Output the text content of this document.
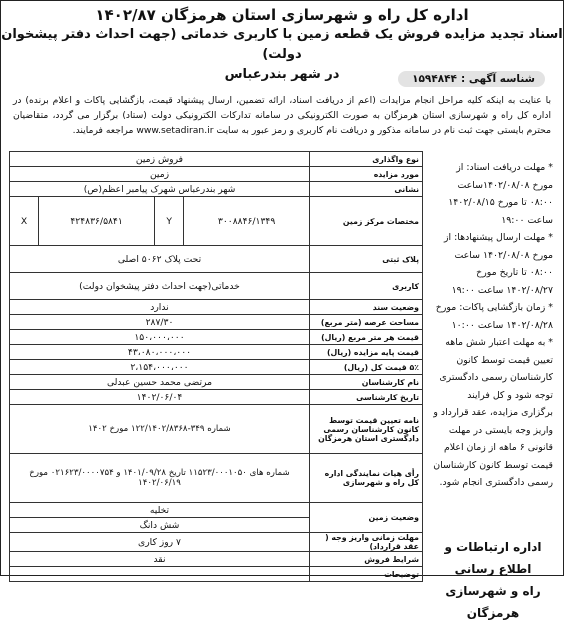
اداره کل راه و شهرسازی استان هرمزگان ۱۴۰۲/۸۷
اسناد تجدید مزایده فروش یک قطعه زمین با کاربری خدماتی (جهت احداث دفتر پیشخوان دولت)
در شهر بندرعباس	شناسه آگهی :۱۵۹۴۸۴۴
با عنایت به اینکه کلیه مراحل انجام مزایدات (اعم از دریافت اسناد، ارائه تضمین، ارسال پیشنهاد قیمت، بازگشایی پاکات و اعلام برنده) در اداره کل راه و شهرسازی استان هرمزگان به صورت الکترونیکی در سامانه تدارکات الکترونیکی دولت (ستاد) برگزار می گردد، متقاضیان محترم بایستی جهت ثبت نام در سامانه مذکور و دریافت نام کاربری و رمز عبور به سایت www.setadiran.ir مراجعه فرمایند.

* مهلت دریافت اسناد: از مورخ ۱۴۰۲/۰۸/۰۸ساعت ۰۸:۰۰ تا مورخ ۱۴۰۲/۰۸/۱۵ ساعت ۱۹:۰۰

* مهلت ارسال پیشنهادها: از مورخ ۱۴۰۲/۰۸/۰۸ ساعت ۰۸:۰۰ تا تاریخ مورخ ۱۴۰۲/۰۸/۲۷ ساعت ۱۹:۰۰

* زمان بازگشایی پاکات: مورخ ۱۴۰۲/۰۸/۲۸ ساعت ۱۰:۰۰

* به مهلت اعتبار شش ماهه تعیین قیمت توسط کانون کارشناسان رسمی دادگستری توجه شود و کل فرایند برگزاری مزایده، عقد قرارداد و واریز وجه بایستی در مهلت قانونی ۶ ماهه از زمان اعلام قیمت توسط کانون کارشناسان رسمی دادگستری انجام شود.

اداره ارتباطات و اطلاع رسانی
راه و شهرسازی هرمزگان
نوع واگذاری	فروش زمین			
مورد مزایده	زمین			
نشانی	شهر بندرعباس شهرک پیامبر اعظم(ص)			
مختصات مرکز زمین	۳۰۰۸۸۴۶/۱۳۴۹	Y	۴۲۴۸۳۶/۵۸۴۱	X
پلاک ثبتی	تحت پلاک ۵۰۶۲ اصلی			
کاربری	خدماتی(جهت احداث دفتر پیشخوان دولت)			
وضعیت سند	ندارد			
مساحت عرصه (متر مربع)	۲۸۷/۳۰			
قیمت هر متر مربع (ریال)	۱۵۰،۰۰۰،۰۰۰			
قیمت پایه مزایده (ریال)	۴۳،۰۸۰،۰۰۰،۰۰۰			
۵٪ قیمت کل (ریال)	۲،۱۵۴،۰۰۰،۰۰۰			
نام کارشناسان	مرتضی محمد حسین عبدلی			
تاریخ کارشناسی	۱۴۰۲/۰۶/۰۴			
نامه تعیین قیمت توسط کانون کارشناسان رسمی دادگستری استان هرمزگان	شماره ۳۴۹-۱۲۲/۱۴۰۲/۸۳۶۸ مورخ ۱۴۰۲			
رأی هیات نمایندگی اداره کل راه و شهرسازی	شماره های ۱۱۵۲۳/۰۰۰۱۰۵۰ تاریخ ۱۴۰۱/۰۹/۲۸ و ۰۲۱۶۲۳/۰۰۰۰۷۵۴ مورخ ۱۴۰۲/۰۶/۱۹			
وضعیت زمین	تخلیه			
	شش دانگ			
مهلت زمانی واریز وجه ( عقد قرارداد)	۷ روز کاری			
شرایط فروش	نقد			
توضیحات				
